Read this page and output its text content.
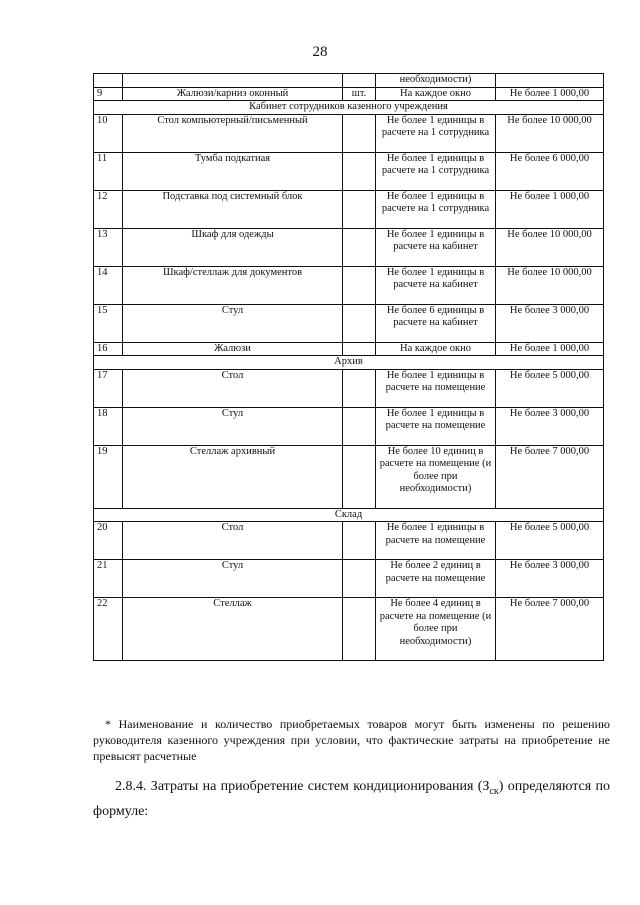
28
			необходимости)	
9	Жалюзи/карниз оконный	шт.	На каждое окно	Не более 1 000,00
Кабинет сотрудников казенного учреждения				
10	Стол компьютерный/письменный		Не более 1 единицы в расчете на 1 сотрудника	Не более 10 000,00
11	Тумба подкатиая		Не более 1 единицы в расчете на 1 сотрудника	Не более 6 000,00
12	Подставка под системный блок		Не более 1 единицы в расчете на 1 сотрудника	Не более 1 000,00
13	Шкаф для одежды		Не более 1 единицы в расчете на кабинет	Не более 10 000,00
14	Шкаф/стеллаж для документов		Не более 1 единицы в расчете на кабинет	Не более 10 000,00
15	Стул		Не более 6 единицы в расчете на кабинет	Не более 3 000,00
16	Жалюзи		На каждое окно	Не более 1 000,00
Архив				
17	Стол		Не более 1 единицы в расчете на помещение	Не более 5 000,00
18	Стул		Не более 1 единицы в расчете на помещение	Не более 3 000,00
19	Стеллаж архивный		Не более 10 единиц в расчете на помещение (и более при необходимости)	Не более 7 000,00
Склад				
20	Стол		Не более 1 единицы в расчете на помещение	Не более 5 000,00
21	Стул		Не более 2 единиц в расчете на помещение	Не более 3 000,00
22	Стеллаж		Не более 4 единиц в расчете на помещение (и более при необходимости)	Не более 7 000,00
* Наименование и количество приобретаемых товаров могут быть изменены по решению руководителя казенного учреждения при условии, что фактические затраты на приобретение не превысят расчетные
2.8.4. Затраты на приобретение систем кондиционирования $(З_{ск})$ определяются по формуле:
